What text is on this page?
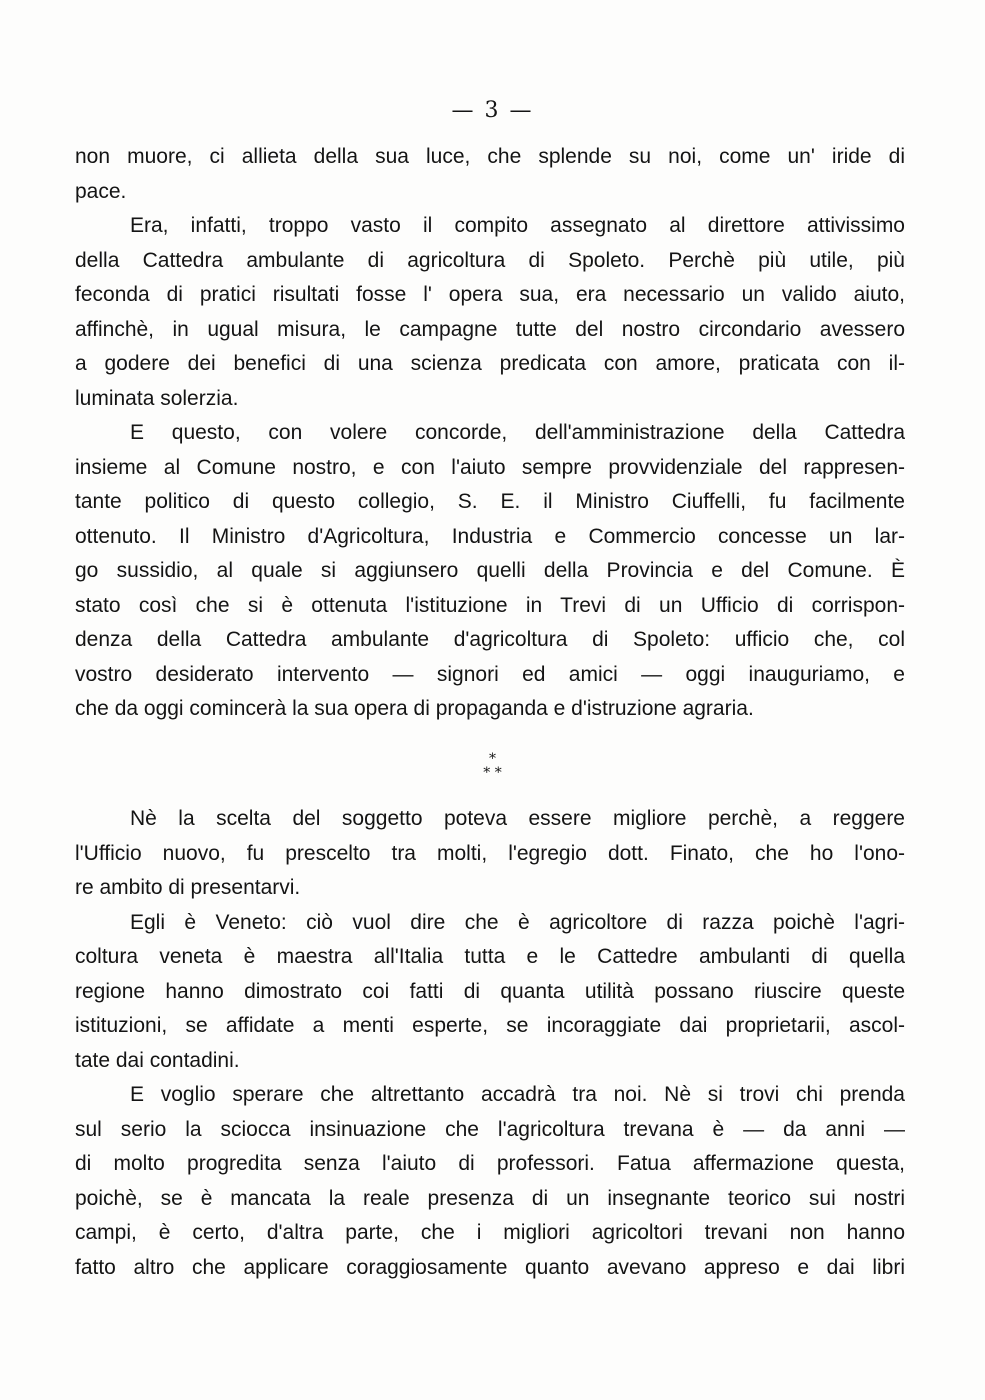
— 3 —
non muore, ci allieta della sua luce, che splende su noi, come un' iride di
pace.
Era, infatti, troppo vasto il compito assegnato al direttore attivissimo
della Cattedra ambulante di agricoltura di Spoleto. Perchè più utile, più
feconda di pratici risultati fosse l' opera sua, era necessario un valido aiuto,
affinchè, in ugual misura, le campagne tutte del nostro circondario avessero
a godere dei benefici di una scienza predicata con amore, praticata con il-
luminata solerzia.
E questo, con volere concorde, dell'amministrazione della Cattedra
insieme al Comune nostro, e con l'aiuto sempre provvidenziale del rappresen-
tante politico di questo collegio, S. E. il Ministro Ciuffelli, fu facilmente
ottenuto. Il Ministro d'Agricoltura, Industria e Commercio concesse un lar-
go sussidio, al quale si aggiunsero quelli della Provincia e del Comune. È
stato così che si è ottenuta l'istituzione in Trevi di un Ufficio di corrispon-
denza della Cattedra ambulante d'agricoltura di Spoleto: ufficio che, col
vostro desiderato intervento — signori ed amici — oggi inauguriamo, e
che da oggi comincerà la sua opera di propaganda e d'istruzione agraria.
*
* *
Nè la scelta del soggetto poteva essere migliore perchè, a reggere
l'Ufficio nuovo, fu prescelto tra molti, l'egregio dott. Finato, che ho l'ono-
re ambito di presentarvi.
Egli è Veneto: ciò vuol dire che è agricoltore di razza poichè l'agri-
coltura veneta è maestra all'Italia tutta e le Cattedre ambulanti di quella
regione hanno dimostrato coi fatti di quanta utilità possano riuscire queste
istituzioni, se affidate a menti esperte, se incoraggiate dai proprietarii, ascol-
tate dai contadini.
E voglio sperare che altrettanto accadrà tra noi. Nè si trovi chi prenda
sul serio la sciocca insinuazione che l'agricoltura trevana è — da anni —
di molto progredita senza l'aiuto di professori. Fatua affermazione questa,
poichè, se è mancata la reale presenza di un insegnante teorico sui nostri
campi, è certo, d'altra parte, che i migliori agricoltori trevani non hanno
fatto altro che applicare coraggiosamente quanto avevano appreso e dai libri
